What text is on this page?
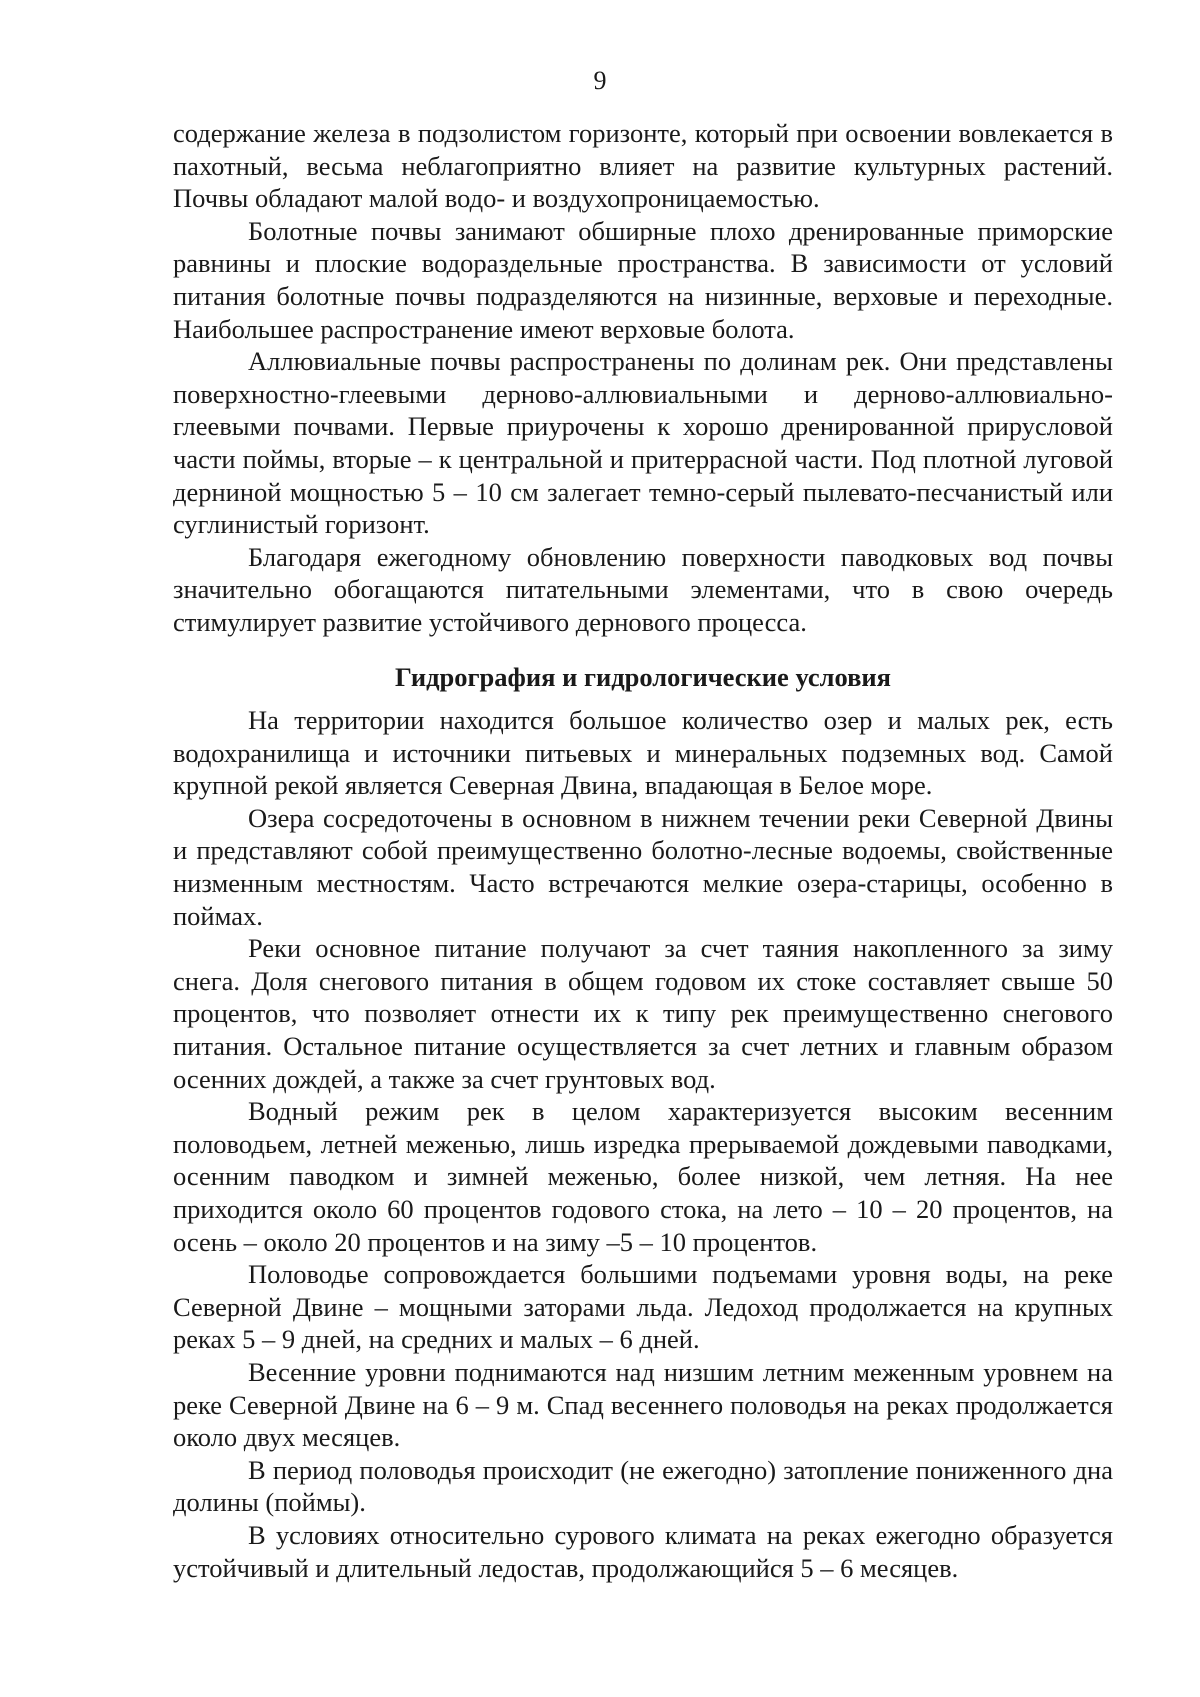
9

содержание железа в подзолистом горизонте, который при освоении вовлекается в пахотный, весьма неблагоприятно влияет на развитие культурных растений. Почвы обладают малой водо- и воздухопроницаемостью.

Болотные почвы занимают обширные плохо дренированные приморские равнины и плоские водораздельные пространства. В зависимости от условий питания болотные почвы подразделяются на низинные, верховые и переходные. Наибольшее распространение имеют верховые болота.

Аллювиальные почвы распространены по долинам рек. Они представлены поверхностно-глеевыми дерново-аллювиальными и дерново-аллювиально-глеевыми почвами. Первые приурочены к хорошо дренированной прирусловой части поймы, вторые – к центральной и притеррасной части. Под плотной луговой дерниной мощностью 5 – 10 см залегает темно-серый пылевато-песчанистый или суглинистый горизонт.

Благодаря ежегодному обновлению поверхности паводковых вод почвы значительно обогащаются питательными элементами, что в свою очередь стимулирует развитие устойчивого дернового процесса.

Гидрография и гидрологические условия

На территории находится большое количество озер и малых рек, есть водохранилища и источники питьевых и минеральных подземных вод. Самой крупной рекой является Северная Двина, впадающая в Белое море.

Озера сосредоточены в основном в нижнем течении реки Северной Двины и представляют собой преимущественно болотно-лесные водоемы, свойственные низменным местностям. Часто встречаются мелкие озера-старицы, особенно в поймах.

Реки основное питание получают за счет таяния накопленного за зиму снега. Доля снегового питания в общем годовом их стоке составляет свыше 50 процентов, что позволяет отнести их к типу рек преимущественно снегового питания. Остальное питание осуществляется за счет летних и главным образом осенних дождей, а также за счет грунтовых вод.

Водный режим рек в целом характеризуется высоким весенним половодьем, летней меженью, лишь изредка прерываемой дождевыми паводками, осенним паводком и зимней меженью, более низкой, чем летняя. На нее приходится около 60 процентов годового стока, на лето – 10 – 20 процентов, на осень – около 20 процентов и на зиму –5 – 10 процентов.

Половодье сопровождается большими подъемами уровня воды, на реке Северной Двине – мощными заторами льда. Ледоход продолжается на крупных реках 5 – 9 дней, на средних и малых – 6 дней.

Весенние уровни поднимаются над низшим летним меженным уровнем на реке Северной Двине на 6 – 9 м. Спад весеннего половодья на реках продолжается около двух месяцев.

В период половодья происходит (не ежегодно) затопление пониженного дна долины (поймы).

В условиях относительно сурового климата на реках ежегодно образуется устойчивый и длительный ледостав, продолжающийся 5 – 6 месяцев.
